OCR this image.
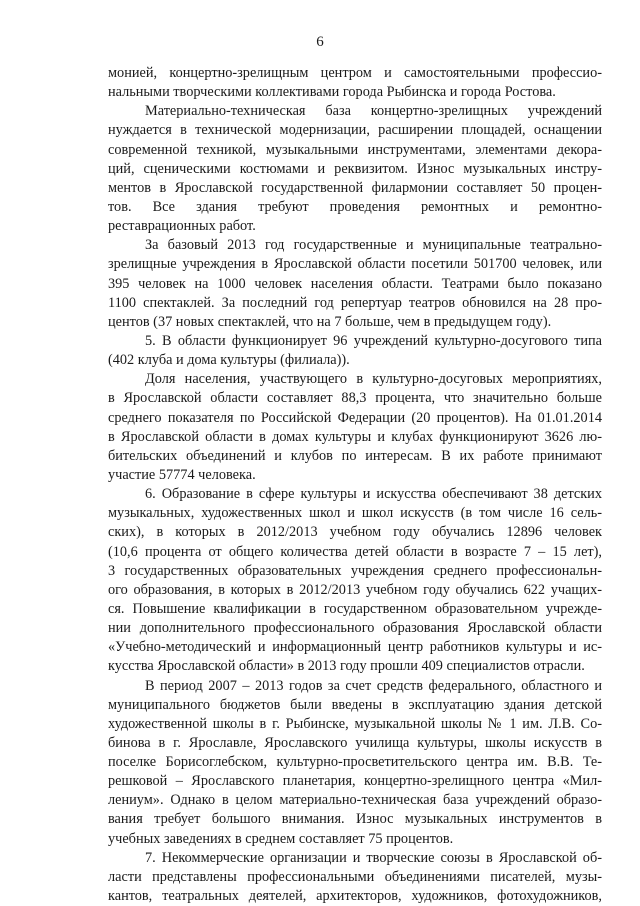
6
монией, концертно-зрелищным центром и самостоятельными профессио-
нальными творческими коллективами города Рыбинска и города Ростова.
Материально-техническая база концертно-зрелищных учреждений
нуждается в технической модернизации, расширении площадей, оснащении
современной техникой, музыкальными инструментами, элементами декора-
ций, сценическими костюмами и реквизитом. Износ музыкальных инстру-
ментов в Ярославской государственной филармонии составляет 50 процен-
тов. Все здания требуют проведения ремонтных и ремонтно-
реставрационных работ.
За базовый 2013 год государственные и муниципальные театрально-
зрелищные учреждения в Ярославской области посетили 501700 человек, или
395 человек на 1000 человек населения области. Театрами было показано
1100 спектаклей. За последний год репертуар театров обновился на 28 про-
центов (37 новых спектаклей, что на 7 больше, чем в предыдущем году).
5. В области функционирует 96 учреждений культурно-досугового типа
(402 клуба и дома культуры (филиала)).
Доля населения, участвующего в культурно-досуговых мероприятиях,
в Ярославской области составляет 88,3 процента, что значительно больше
среднего показателя по Российской Федерации (20 процентов). На 01.01.2014
в Ярославской области в домах культуры и клубах функционируют 3626 лю-
бительских объединений и клубов по интересам. В их работе принимают
участие 57774 человека.
6. Образование в сфере культуры и искусства обеспечивают 38 детских
музыкальных, художественных школ и школ искусств (в том числе 16 сель-
ских), в которых в 2012/2013 учебном году обучались 12896 человек
(10,6 процента от общего количества детей области в возрасте 7 – 15 лет),
3 государственных образовательных учреждения среднего профессиональн-
ого образования, в которых в 2012/2013 учебном году обучались 622 учащих-
ся. Повышение квалификации в государственном образовательном учрежде-
нии дополнительного профессионального образования Ярославской области
«Учебно-методический и информационный центр работников культуры и ис-
кусства Ярославской области» в 2013 году прошли 409 специалистов отрасли.
В период 2007 – 2013 годов за счет средств федерального, областного и
муниципального бюджетов были введены в эксплуатацию здания детской
художественной школы в г. Рыбинске, музыкальной школы № 1 им. Л.В. Со-
бинова в г. Ярославле, Ярославского училища культуры, школы искусств в
поселке Борисоглебском, культурно-просветительского центра им. В.В. Те-
решковой – Ярославского планетария, концертно-зрелищного центра «Мил-
лениум». Однако в целом материально-техническая база учреждений образо-
вания требует большого внимания. Износ музыкальных инструментов в
учебных заведениях в среднем составляет 75 процентов.
7. Некоммерческие организации и творческие союзы в Ярославской об-
ласти представлены профессиональными объединениями писателей, музы-
кантов, театральных деятелей, архитекторов, художников, фотохудожников,
